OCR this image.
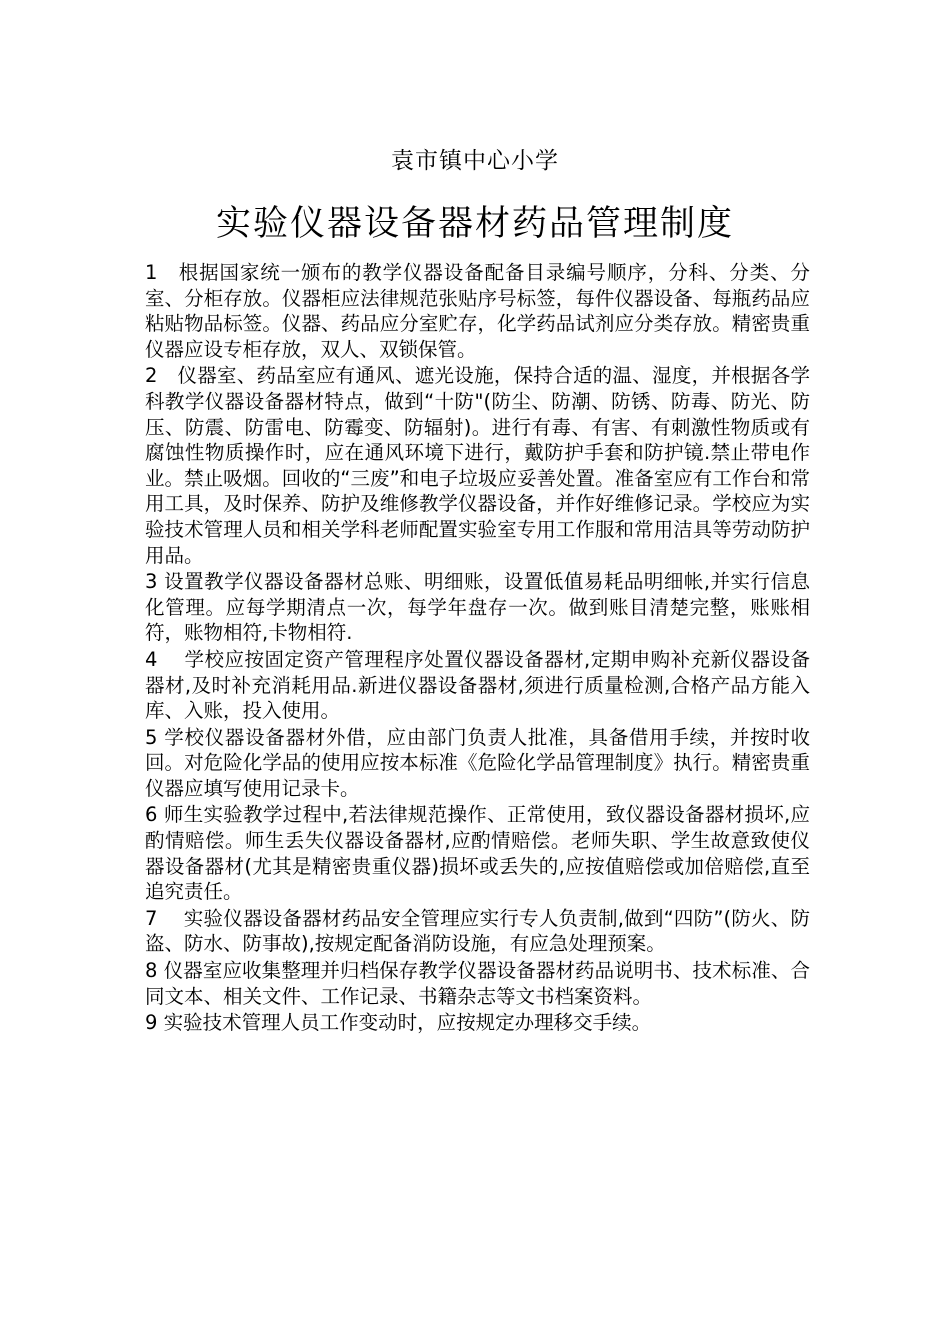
袁市镇中心小学
实验仪器设备器材药品管理制度

1　根据国家统一颁布的教学仪器设备配备目录编号顺序，分科、分类、分室、分柜存放。仪器柜应法律规范张贴序号标签，每件仪器设备、每瓶药品应粘贴物品标签。仪器、药品应分室贮存，化学药品试剂应分类存放。精密贵重仪器应设专柜存放，双人、双锁保管。

2　仪器室、药品室应有通风、遮光设施，保持合适的温、湿度，并根据各学科教学仪器设备器材特点，做到“十防"(防尘、防潮、防锈、防毒、防光、防压、防震、防雷电、防霉变、防辐射)。进行有毒、有害、有刺激性物质或有腐蚀性物质操作时，应在通风环境下进行，戴防护手套和防护镜.禁止带电作业。禁止吸烟。回收的“三废”和电子垃圾应妥善处置。准备室应有工作台和常用工具，及时保养、防护及维修教学仪器设备，并作好维修记录。学校应为实验技术管理人员和相关学科老师配置实验室专用工作服和常用洁具等劳动防护用品。

3 设置教学仪器设备器材总账、明细账，设置低值易耗品明细帐,并实行信息化管理。应每学期清点一次，每学年盘存一次。做到账目清楚完整，账账相符，账物相符,卡物相符.

4　 学校应按固定资产管理程序处置仪器设备器材,定期申购补充新仪器设备器材,及时补充消耗用品.新进仪器设备器材,须进行质量检测,合格产品方能入库、入账，投入使用。

5 学校仪器设备器材外借，应由部门负责人批准，具备借用手续，并按时收回。对危险化学品的使用应按本标准《危险化学品管理制度》执行。精密贵重仪器应填写使用记录卡。

6 师生实验教学过程中,若法律规范操作、正常使用，致仪器设备器材损坏,应酌情赔偿。师生丢失仪器设备器材,应酌情赔偿。老师失职、学生故意致使仪器设备器材(尤其是精密贵重仪器)损坏或丢失的,应按值赔偿或加倍赔偿,直至追究责任。

7　 实验仪器设备器材药品安全管理应实行专人负责制,做到“四防”(防火、防盗、防水、防事故),按规定配备消防设施，有应急处理预案。

8 仪器室应收集整理并归档保存教学仪器设备器材药品说明书、技术标准、合同文本、相关文件、工作记录、书籍杂志等文书档案资料。

9 实验技术管理人员工作变动时，应按规定办理移交手续。
